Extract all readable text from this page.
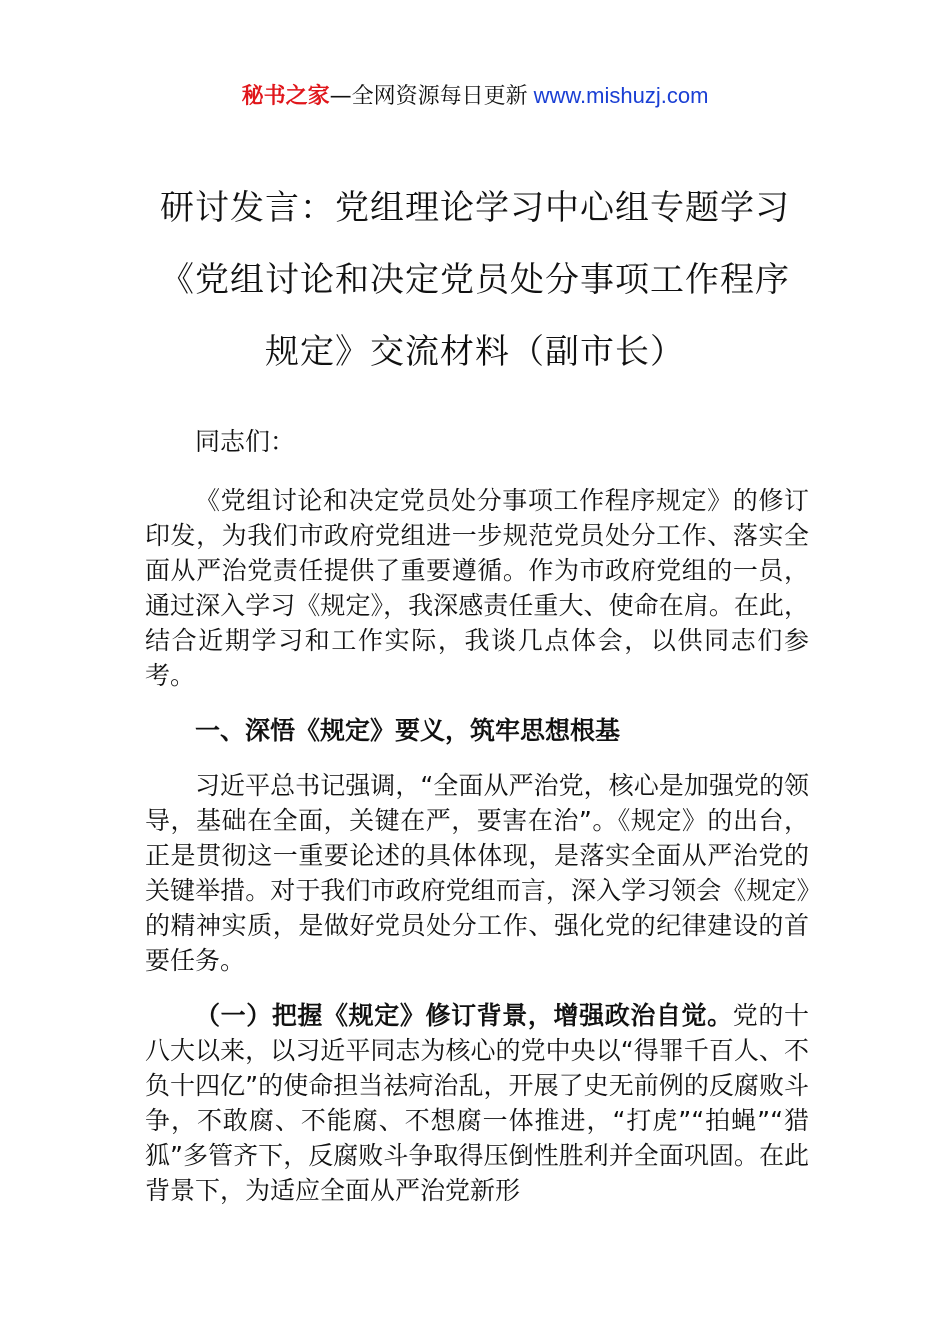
秘书之家—全网资源每日更新 www.mishuzj.com
研讨发言：党组理论学习中心组专题学习
《党组讨论和决定党员处分事项工作程序
规定》交流材料（副市长）

同志们：

《党组讨论和决定党员处分事项工作程序规定》的修订印发，为我们市政府党组进一步规范党员处分工作、落实全面从严治党责任提供了重要遵循。作为市政府党组的一员，通过深入学习《规定》，我深感责任重大、使命在肩。在此，结合近期学习和工作实际，我谈几点体会，以供同志们参考。

一、深悟《规定》要义，筑牢思想根基

习近平总书记强调，“全面从严治党，核心是加强党的领导，基础在全面，关键在严，要害在治”。《规定》的出台，正是贯彻这一重要论述的具体体现，是落实全面从严治党的关键举措。对于我们市政府党组而言，深入学习领会《规定》的精神实质，是做好党员处分工作、强化党的纪律建设的首要任务。

（一）把握《规定》修订背景，增强政治自觉。党的十八大以来，以习近平同志为核心的党中央以“得罪千百人、不负十四亿”的使命担当祛疴治乱，开展了史无前例的反腐败斗争，不敢腐、不能腐、不想腐一体推进，“打虎”“拍蝇”“猎狐”多管齐下，反腐败斗争取得压倒性胜利并全面巩固。在此背景下，为适应全面从严治党新形
